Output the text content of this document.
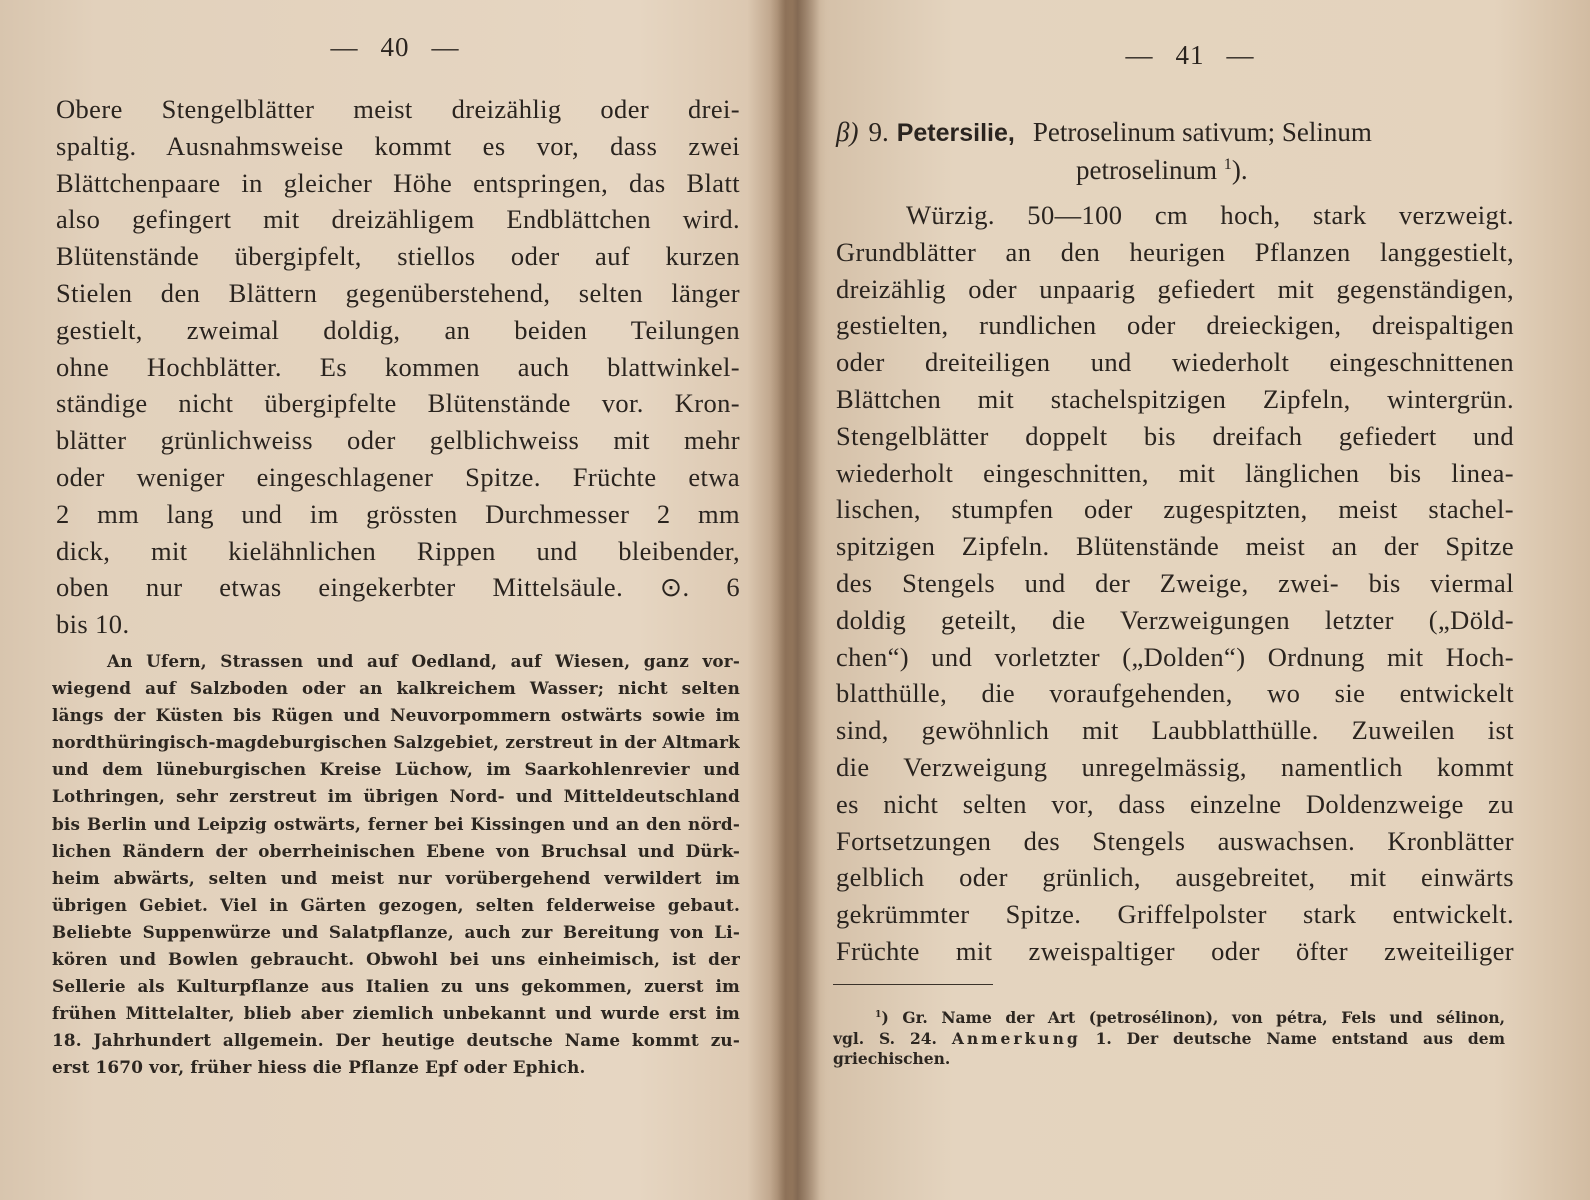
— 40 —
Obere Stengelblätter meist dreizählig oder drei-
spaltig. Ausnahmsweise kommt es vor, dass zwei
Blättchenpaare in gleicher Höhe entspringen, das Blatt
also gefingert mit dreizähligem Endblättchen wird.
Blütenstände übergipfelt, stiellos oder auf kurzen
Stielen den Blättern gegenüberstehend, selten länger
gestielt, zweimal doldig, an beiden Teilungen
ohne Hochblätter. Es kommen auch blattwinkel-
ständige nicht übergipfelte Blütenstände vor. Kron-
blätter grünlichweiss oder gelblichweiss mit mehr
oder weniger eingeschlagener Spitze. Früchte etwa
2 mm lang und im grössten Durchmesser 2 mm
dick, mit kielähnlichen Rippen und bleibender,
oben nur etwas eingekerbter Mittelsäule. ⊙. 6
bis 10.
An Ufern, Strassen und auf Oedland, auf Wiesen, ganz vor-
wiegend auf Salzboden oder an kalkreichem Wasser; nicht selten
längs der Küsten bis Rügen und Neuvorpommern ostwärts sowie im
nordthüringisch-magdeburgischen Salzgebiet, zerstreut in der Altmark
und dem lüneburgischen Kreise Lüchow, im Saarkohlenrevier und
Lothringen, sehr zerstreut im übrigen Nord- und Mitteldeutschland
bis Berlin und Leipzig ostwärts, ferner bei Kissingen und an den nörd-
lichen Rändern der oberrheinischen Ebene von Bruchsal und Dürk-
heim abwärts, selten und meist nur vorübergehend verwildert im
übrigen Gebiet. Viel in Gärten gezogen, selten felderweise gebaut.
Beliebte Suppenwürze und Salatpflanze, auch zur Bereitung von Li-
kören und Bowlen gebraucht. Obwohl bei uns einheimisch, ist der
Sellerie als Kulturpflanze aus Italien zu uns gekommen, zuerst im
frühen Mittelalter, blieb aber ziemlich unbekannt und wurde erst im
18. Jahrhundert allgemein. Der heutige deutsche Name kommt zu-
erst 1670 vor, früher hiess die Pflanze Epf oder Ephich.
— 41 —
β) 9. Petersilie, Petroselinum sativum; Selinum
petroselinum $^1$).
Würzig. 50—100 cm hoch, stark verzweigt.
Grundblätter an den heurigen Pflanzen langgestielt,
dreizählig oder unpaarig gefiedert mit gegenständigen,
gestielten, rundlichen oder dreieckigen, dreispaltigen
oder dreiteiligen und wiederholt eingeschnittenen
Blättchen mit stachelspitzigen Zipfeln, wintergrün.
Stengelblätter doppelt bis dreifach gefiedert und
wiederholt eingeschnitten, mit länglichen bis linea-
lischen, stumpfen oder zugespitzten, meist stachel-
spitzigen Zipfeln. Blütenstände meist an der Spitze
des Stengels und der Zweige, zwei- bis viermal
doldig geteilt, die Verzweigungen letzter („Döld-
chen“) und vorletzter („Dolden“) Ordnung mit Hoch-
blatthülle, die voraufgehenden, wo sie entwickelt
sind, gewöhnlich mit Laubblatthülle. Zuweilen ist
die Verzweigung unregelmässig, namentlich kommt
es nicht selten vor, dass einzelne Doldenzweige zu
Fortsetzungen des Stengels auswachsen. Kronblätter
gelblich oder grünlich, ausgebreitet, mit einwärts
gekrümmter Spitze. Griffelpolster stark entwickelt.
Früchte mit zweispaltiger oder öfter zweiteiliger
$^1$) Gr. Name der Art (petrosélinon), von pétra, Fels und sélinon,
vgl. S. 24. Anmerkung 1. Der deutsche Name entstand aus dem
griechischen.
